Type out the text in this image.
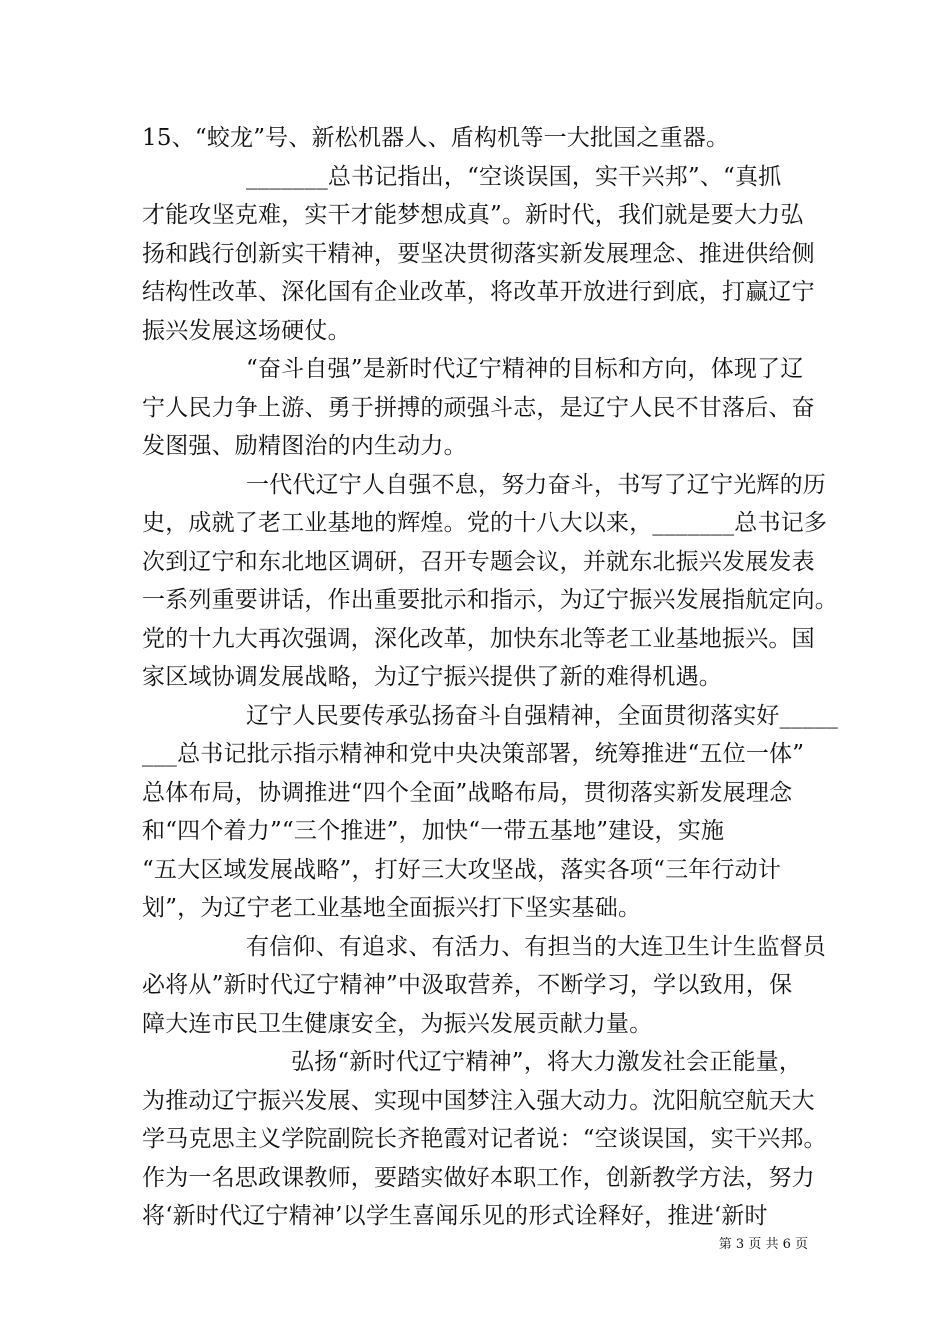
15、“蛟龙”号、新松机器人、盾构机等一大批国之重器。
_______总书记指出，“空谈误国，实干兴邦”、“真抓
才能攻坚克难，实干才能梦想成真”。新时代，我们就是要大力弘
扬和践行创新实干精神，要坚决贯彻落实新发展理念、推进供给侧
结构性改革、深化国有企业改革，将改革开放进行到底，打赢辽宁
振兴发展这场硬仗。
“奋斗自强”是新时代辽宁精神的目标和方向，体现了辽
宁人民力争上游、勇于拼搏的顽强斗志，是辽宁人民不甘落后、奋
发图强、励精图治的内生动力。
一代代辽宁人自强不息，努力奋斗，书写了辽宁光辉的历
史，成就了老工业基地的辉煌。党的十八大以来，_______总书记多
次到辽宁和东北地区调研，召开专题会议，并就东北振兴发展发表
一系列重要讲话，作出重要批示和指示，为辽宁振兴发展指航定向。
党的十九大再次强调，深化改革，加快东北等老工业基地振兴。国
家区域协调发展战略，为辽宁振兴提供了新的难得机遇。
辽宁人民要传承弘扬奋斗自强精神，全面贯彻落实好_____
___总书记批示指示精神和党中央决策部署，统筹推进“五位一体”
总体布局，协调推进“四个全面”战略布局，贯彻落实新发展理念
和“四个着力”“三个推进”，加快“一带五基地”建设，实施
“五大区域发展战略”，打好三大攻坚战，落实各项“三年行动计
划”，为辽宁老工业基地全面振兴打下坚实基础。
有信仰、有追求、有活力、有担当的大连卫生计生监督员
必将从”新时代辽宁精神”中汲取营养，不断学习，学以致用，保
障大连市民卫生健康安全，为振兴发展贡献力量。
弘扬“新时代辽宁精神”，将大力激发社会正能量，
为推动辽宁振兴发展、实现中国梦注入强大动力。沈阳航空航天大
学马克思主义学院副院长齐艳霞对记者说：“空谈误国，实干兴邦。
作为一名思政课教师，要踏实做好本职工作，创新教学方法，努力
将‘新时代辽宁精神’以学生喜闻乐见的形式诠释好，推进‘新时
第 3 页 共 6 页
